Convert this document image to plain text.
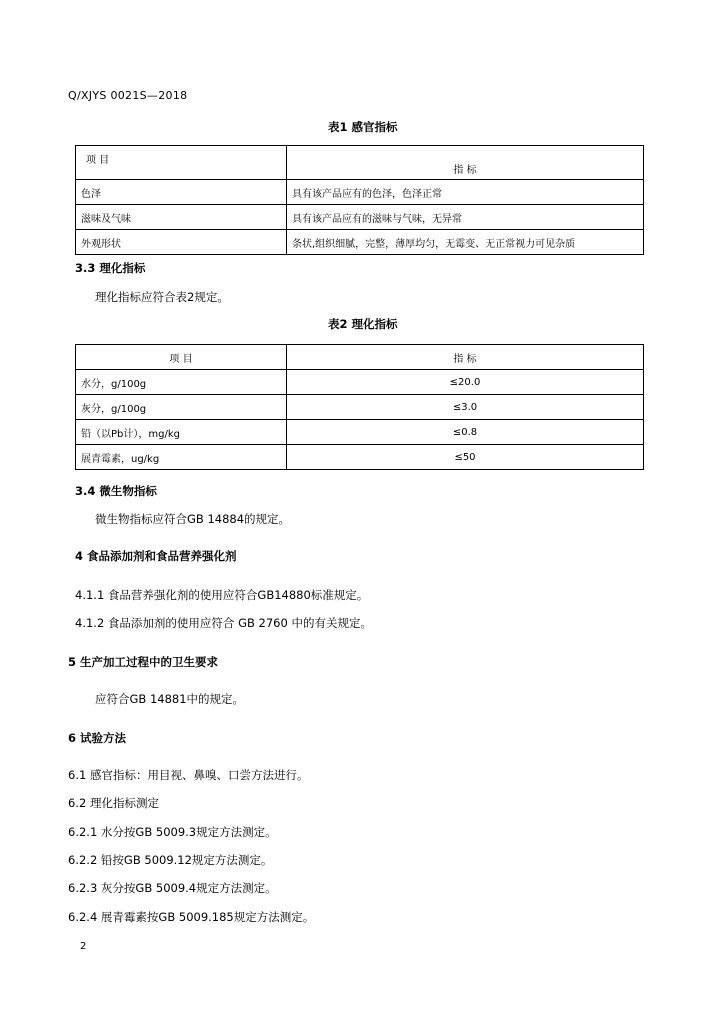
Q/XJYS 0021S—2018
表1 感官指标
项 目	指 标
色泽	具有该产品应有的色泽，色泽正常
滋味及气味	具有该产品应有的滋味与气味，无异常
外观形状	条状,组织细腻，完整，薄厚均匀，无霉变、无正常视力可见杂质
3.3 理化指标
理化指标应符合表2规定。
表2 理化指标
项 目	指 标
水分，g/100g	≤20.0
灰分，g/100g	≤3.0
铅（以Pb计），mg/kg	≤0.8
展青霉素，ug/kg	≤50
3.4 微生物指标
微生物指标应符合GB 14884的规定。
4 食品添加剂和食品营养强化剂
4.1.1 食品营养强化剂的使用应符合GB14880标准规定。
4.1.2 食品添加剂的使用应符合 GB 2760 中的有关规定。
5 生产加工过程中的卫生要求
应符合GB 14881中的规定。
6 试验方法
6.1 感官指标：用目视、鼻嗅、口尝方法进行。
6.2 理化指标测定
6.2.1 水分按GB 5009.3规定方法测定。
6.2.2 铅按GB 5009.12规定方法测定。
6.2.3 灰分按GB 5009.4规定方法测定。
6.2.4 展青霉素按GB 5009.185规定方法测定。
2
